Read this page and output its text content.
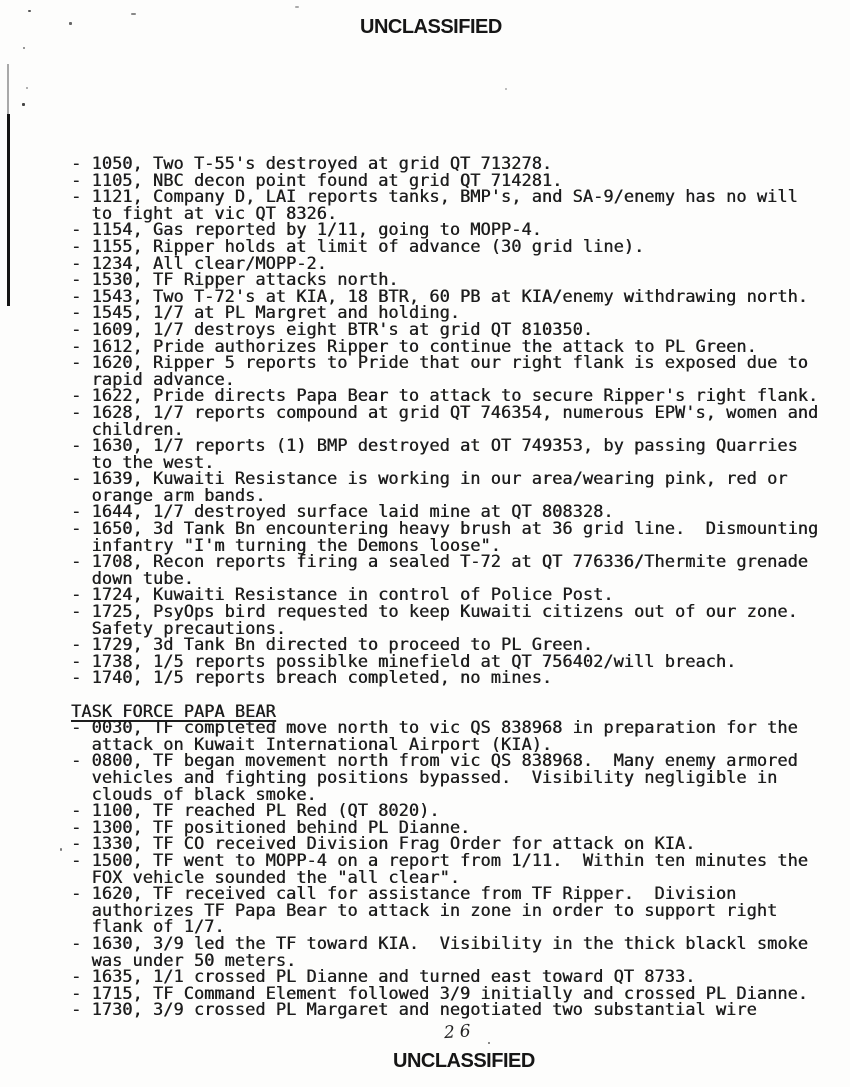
UNCLASSIFIED
- 1050, Two T-55's destroyed at grid QT 713278.
- 1105, NBC decon point found at grid QT 714281.
- 1121, Company D, LAI reports tanks, BMP's, and SA-9/enemy has no will
to fight at vic QT 8326.
- 1154, Gas reported by 1/11, going to MOPP-4.
- 1155, Ripper holds at limit of advance (30 grid line).
- 1234, All clear/MOPP-2.
- 1530, TF Ripper attacks north.
- 1543, Two T-72's at KIA, 18 BTR, 60 PB at KIA/enemy withdrawing north.
- 1545, 1/7 at PL Margret and holding.
- 1609, 1/7 destroys eight BTR's at grid QT 810350.
- 1612, Pride authorizes Ripper to continue the attack to PL Green.
- 1620, Ripper 5 reports to Pride that our right flank is exposed due to
rapid advance.
- 1622, Pride directs Papa Bear to attack to secure Ripper's right flank.
- 1628, 1/7 reports compound at grid QT 746354, numerous EPW's, women and
children.
- 1630, 1/7 reports (1) BMP destroyed at OT 749353, by passing Quarries
to the west.
- 1639, Kuwaiti Resistance is working in our area/wearing pink, red or
orange arm bands.
- 1644, 1/7 destroyed surface laid mine at QT 808328.
- 1650, 3d Tank Bn encountering heavy brush at 36 grid line.  Dismounting
infantry "I'm turning the Demons loose".
- 1708, Recon reports firing a sealed T-72 at QT 776336/Thermite grenade
down tube.
- 1724, Kuwaiti Resistance in control of Police Post.
- 1725, PsyOps bird requested to keep Kuwaiti citizens out of our zone.
Safety precautions.
- 1729, 3d Tank Bn directed to proceed to PL Green.
- 1738, 1/5 reports possiblke minefield at QT 756402/will breach.
- 1740, 1/5 reports breach completed, no mines.
TASK FORCE PAPA BEAR
- 0030, TF completed move north to vic QS 838968 in preparation for the
attack on Kuwait International Airport (KIA).
- 0800, TF began movement north from vic QS 838968.  Many enemy armored
vehicles and fighting positions bypassed.  Visibility negligible in
clouds of black smoke.
- 1100, TF reached PL Red (QT 8020).
- 1300, TF positioned behind PL Dianne.
- 1330, TF CO received Division Frag Order for attack on KIA.
- 1500, TF went to MOPP-4 on a report from 1/11.  Within ten minutes the
FOX vehicle sounded the "all clear".
- 1620, TF received call for assistance from TF Ripper.  Division
authorizes TF Papa Bear to attack in zone in order to support right
flank of 1/7.
- 1630, 3/9 led the TF toward KIA.  Visibility in the thick blackl smoke
was under 50 meters.
- 1635, 1/1 crossed PL Dianne and turned east toward QT 8733.
- 1715, TF Command Element followed 3/9 initially and crossed PL Dianne.
- 1730, 3/9 crossed PL Margaret and negotiated two substantial wire
26
UNCLASSIFIED
